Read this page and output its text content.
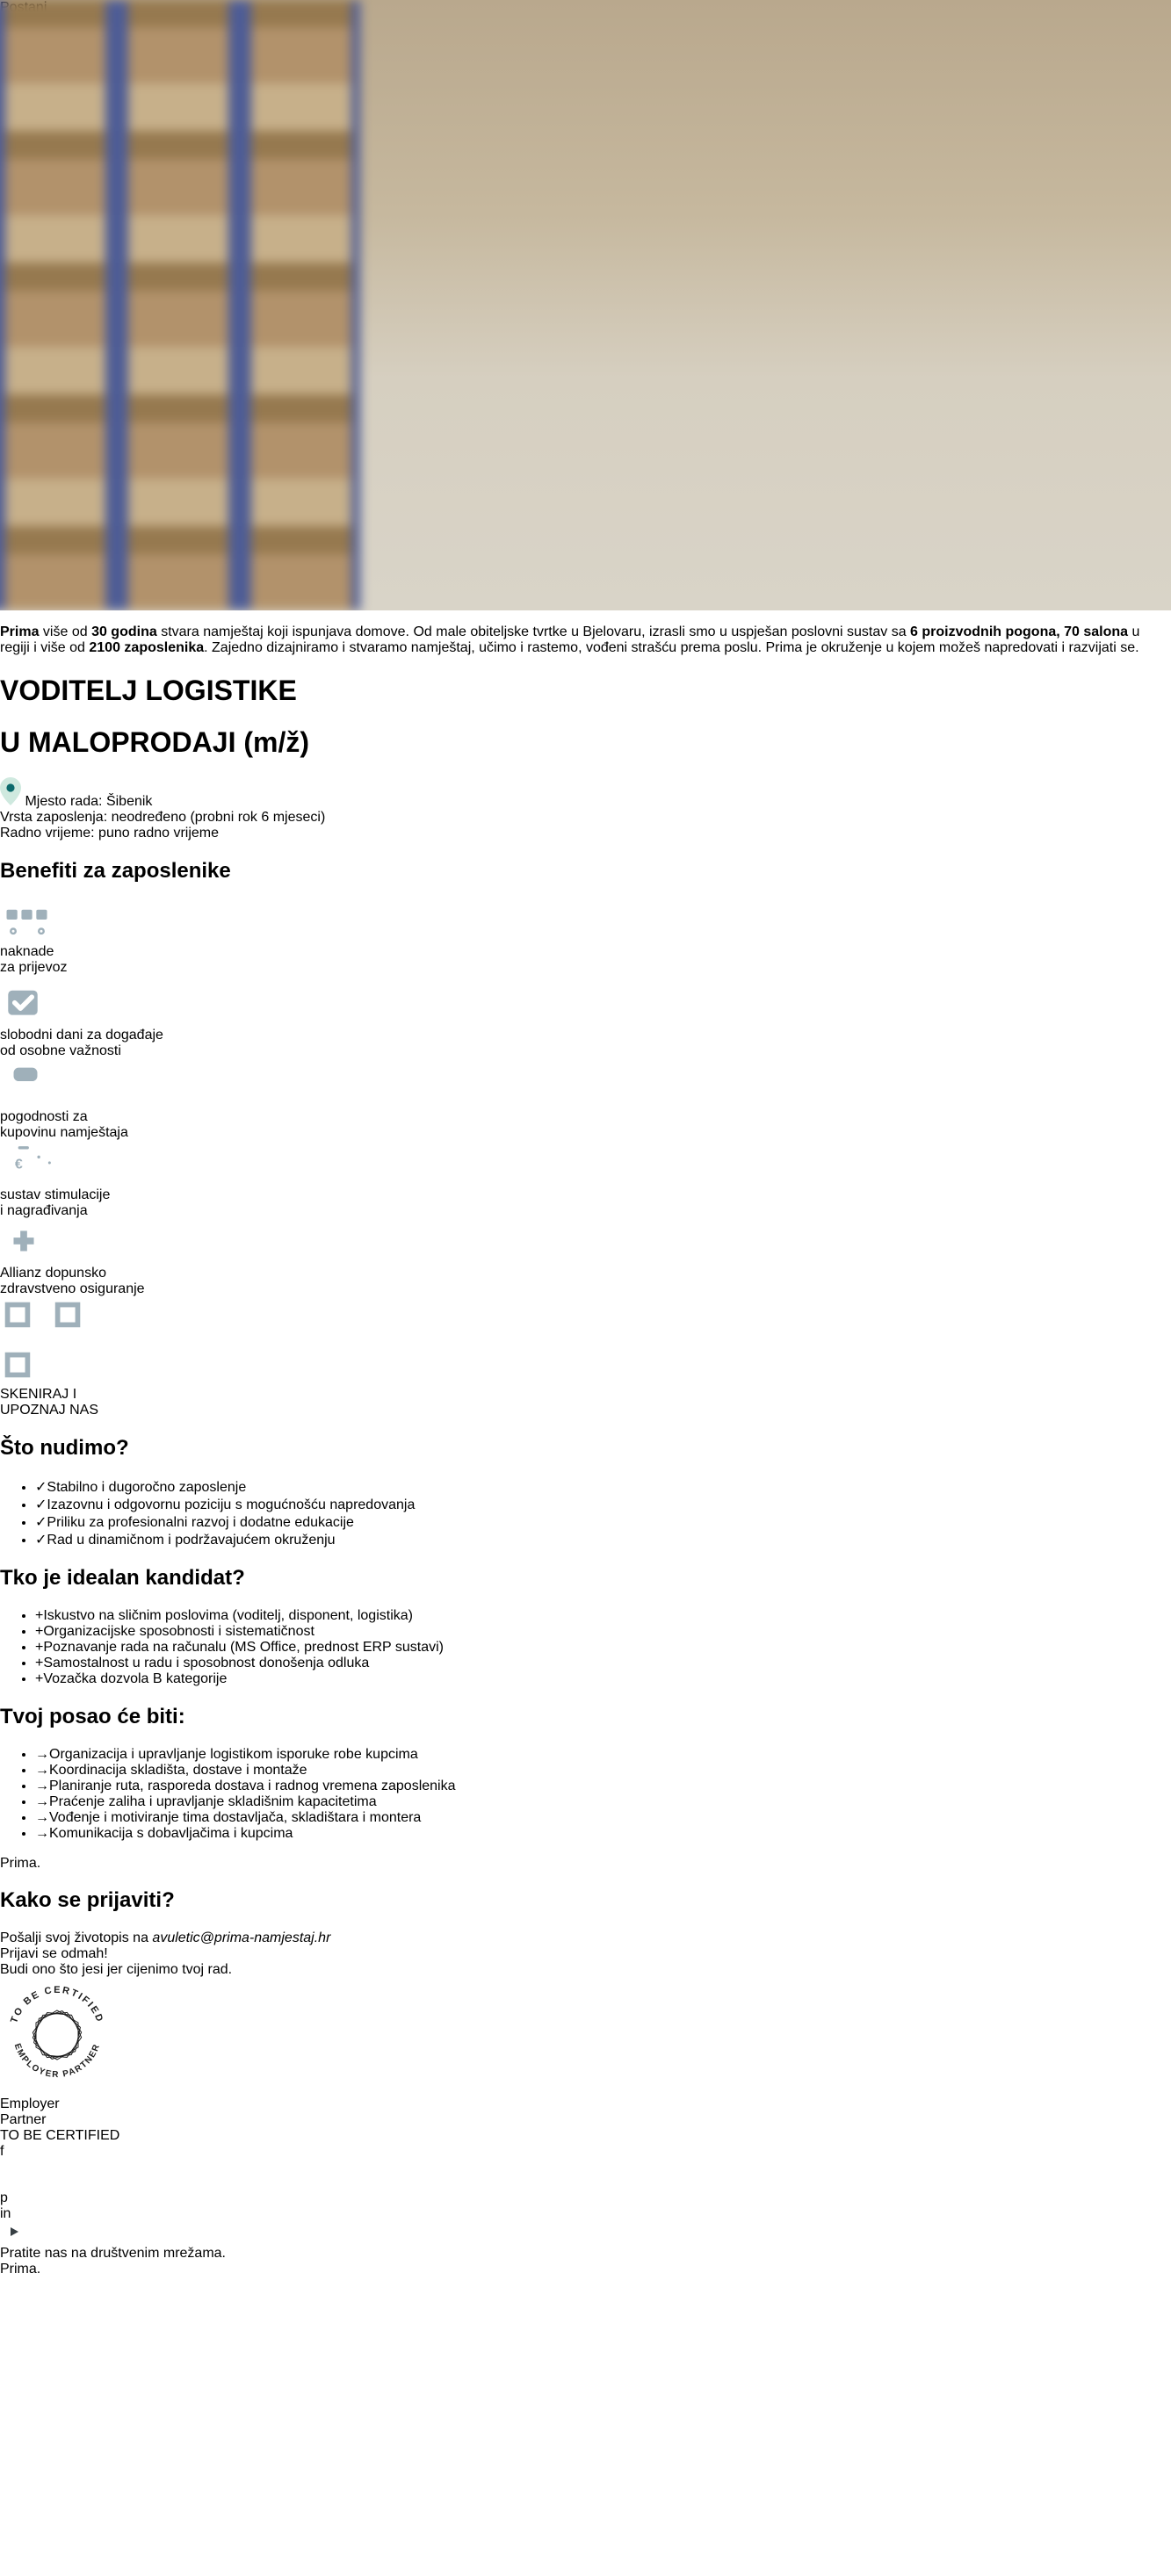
Prima više od 30 godina stvara namještaj koji ispunjava domove. Od male obiteljske tvrtke u Bjelovaru, izrasli smo u uspješan poslovni sustav sa 6 proizvodnih pogona, 70 salona u regiji i više od 2100 zaposlenika. Zajedno dizajniramo i stvaramo namještaj, učimo i rastemo, vođeni strašću prema poslu. Prima je okruženje u kojem možeš napredovati i razvijati se.

VODITELJ LOGISTIKE
U MALOPRODAJI (m/ž)
Mjesto rada: Šibenik
Vrsta zaposlenja: neodređeno (probni rok 6 mjeseci)
Radno vrijeme: puno radno vrijeme
Benefiti za zaposlenike
naknade
za prijevoz
slobodni dani za događaje
od osobne važnosti
pogodnosti za
kupovinu namještaja
€
sustav stimulacije
i nagrađivanja
Allianz dopunsko
zdravstveno osiguranje
SKENIRAJ I
UPOZNAJ NAS
Što nudimo?
• ✓Stabilno i dugoročno zaposlenje
• ✓Izazovnu i odgovornu poziciju s mogućnošću napredovanja
• ✓Priliku za profesionalni razvoj i dodatne edukacije
• ✓Rad u dinamičnom i podržavajućem okruženju
Tko je idealan kandidat?
• +Iskustvo na sličnim poslovima (voditelj, disponent, logistika)
• +Organizacijske sposobnosti i sistematičnost
• +Poznavanje rada na računalu (MS Office, prednost ERP sustavi)
• +Samostalnost u radu i sposobnost donošenja odluka
• +Vozačka dozvola B kategorije
Tvoj posao će biti:
• →Organizacija i upravljanje logistikom isporuke robe kupcima
• →Koordinacija skladišta, dostave i montaže
• →Planiranje ruta, rasporeda dostava i radnog vremena zaposlenika
• →Praćenje zaliha i upravljanje skladišnim kapacitetima
• →Vođenje i motiviranje tima dostavljača, skladištara i montera
• →Komunikacija s dobavljačima i kupcima
Prima.
Kako se prijaviti?
Pošalji svoj životopis na avuletic@prima-namjestaj.hr
Prijavi se odmah!
Budi ono što jesi jer cijenimo tvoj rad.
TO BE CERTIFIED
EMPLOYER PARTNER
Employer
Partner
TO BE CERTIFIED
f
p
in
Pratite nas na društvenim mrežama.
Prima.
